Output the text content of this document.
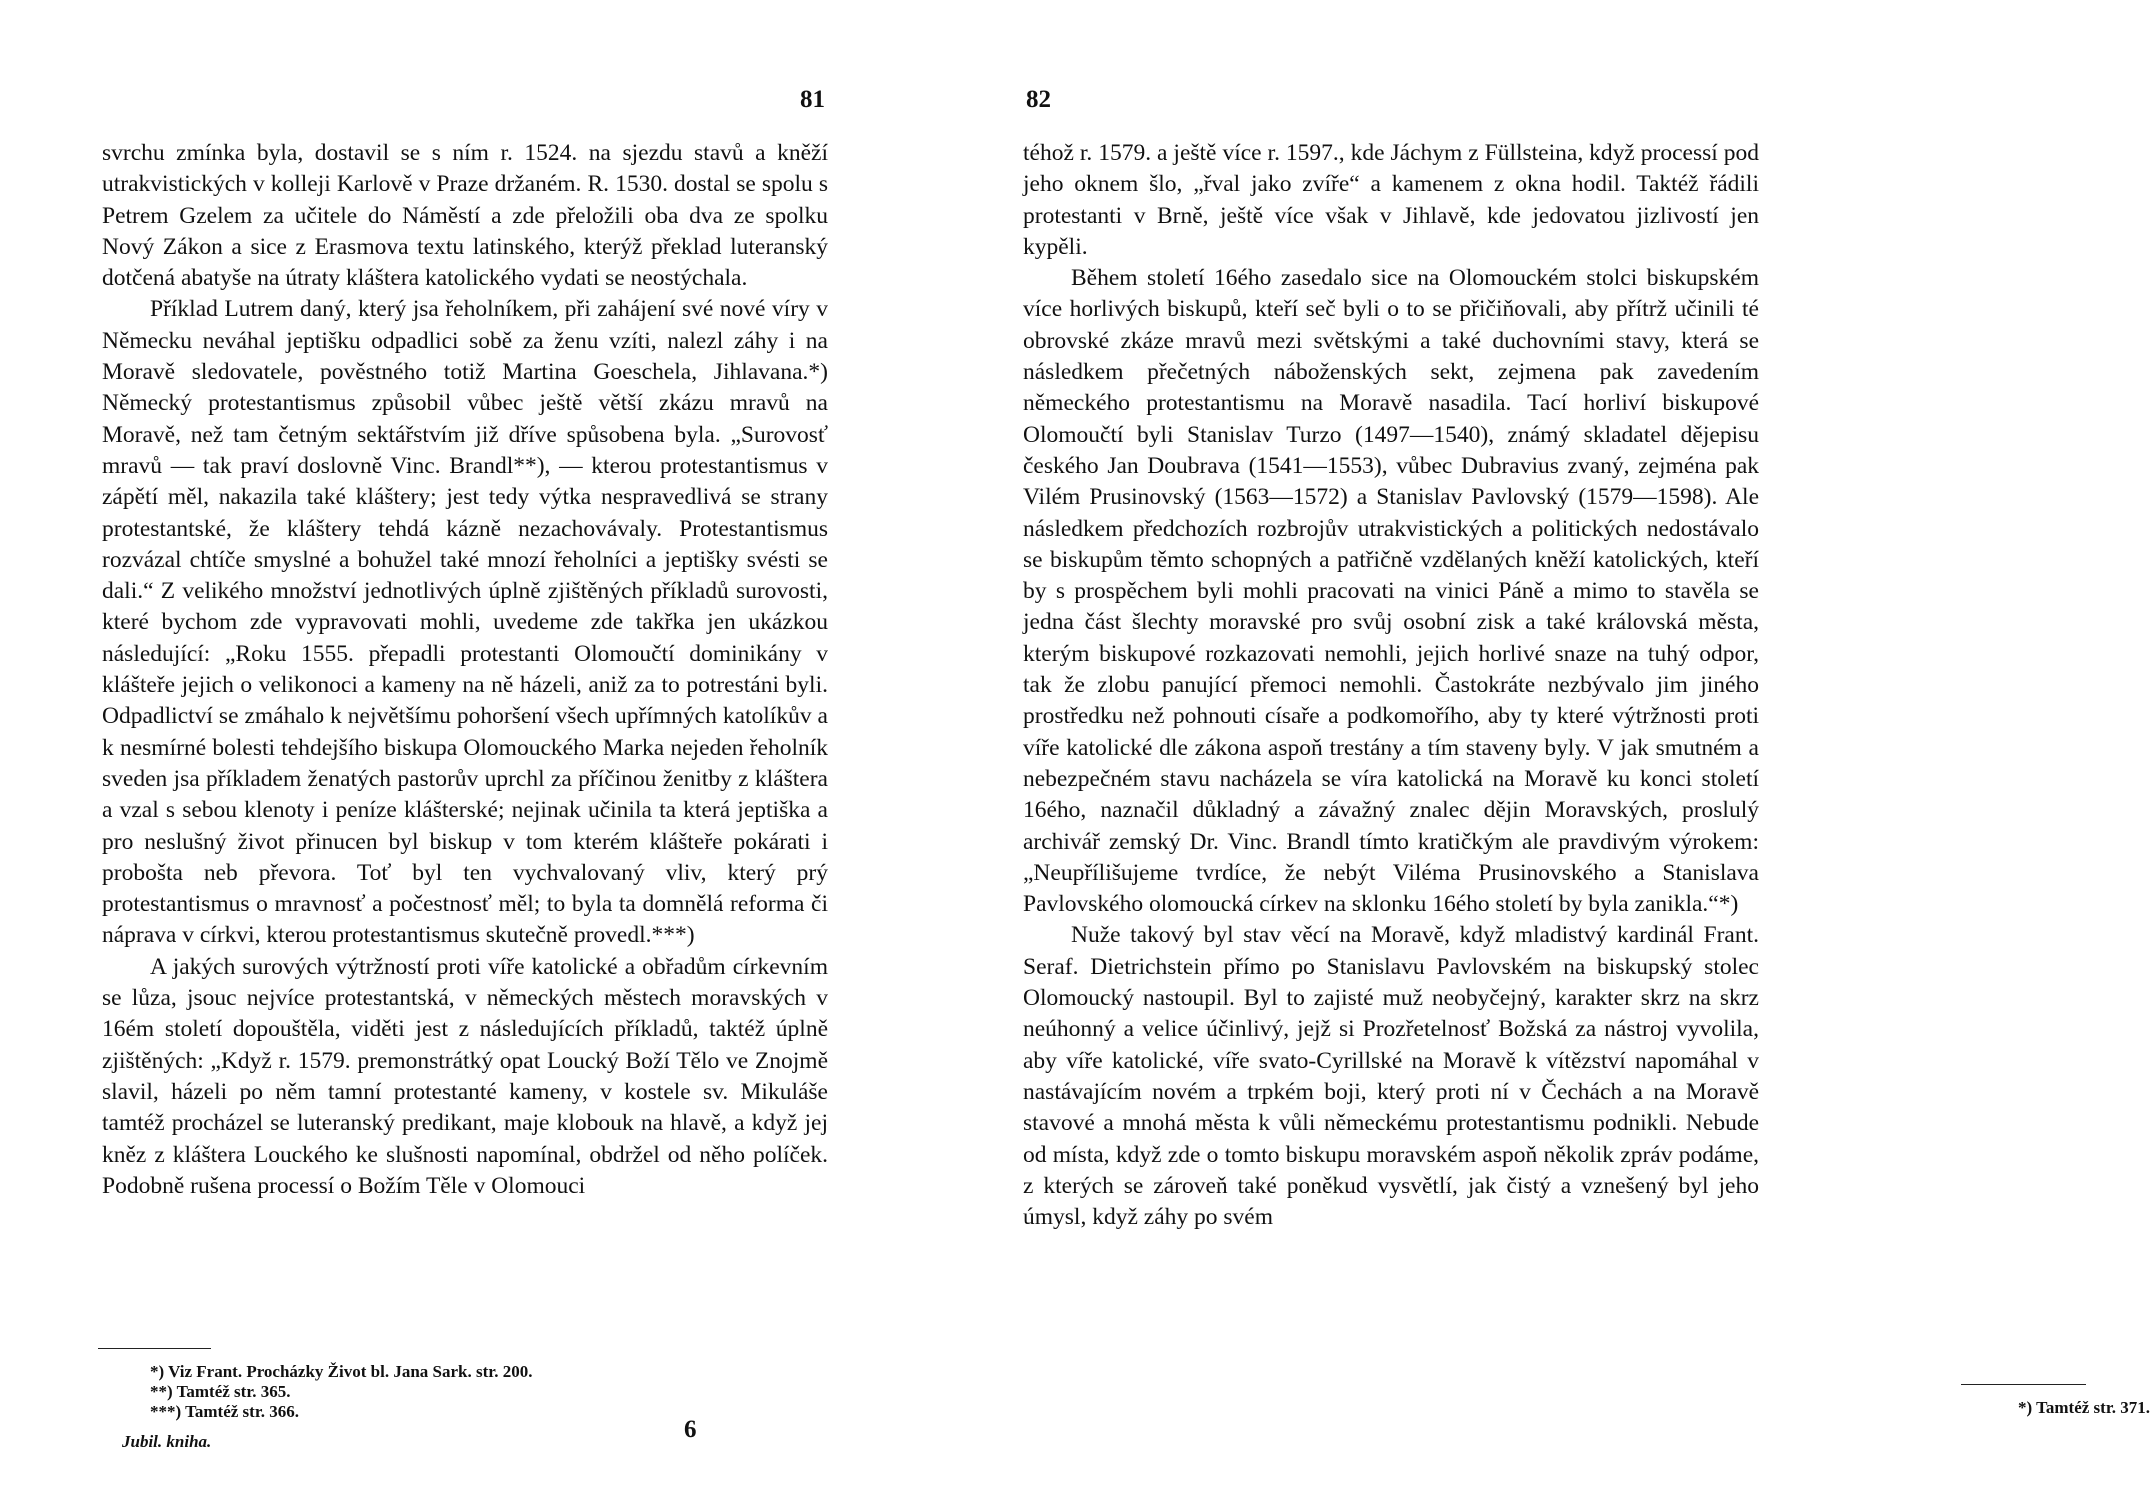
81

svrchu zmínka byla, dostavil se s ním r. 1524. na sjezdu stavů a kněží utrakvistických v kolleji Karlově v Praze držaném. R. 1530. dostal se spolu s Petrem Gzelem za učitele do Náměstí a zde přeložili oba dva ze spolku Nový Zákon a sice z Erasmova textu latinského, kterýž překlad luteranský dotčená abatyše na útraty kláštera katolického vydati se neostýchala.

Příklad Lutrem daný, který jsa řeholníkem, při zahájení své nové víry v Německu neváhal jeptišku odpadlici sobě za ženu vzíti, nalezl záhy i na Moravě sledovatele, pověstného totiž Martina Goeschela, Jihlavana.*) Německý protestantismus způsobil vůbec ještě větší zkázu mravů na Moravě, než tam četným sektářstvím již dříve spůsobena byla. „Surovosť mravů — tak praví doslovně Vinc. Brandl**), — kterou protestantismus v zápětí měl, nakazila také kláštery; jest tedy výtka nespravedlivá se strany protestantské, že kláštery tehdá kázně nezachovávaly. Protestantismus rozvázal chtíče smyslné a bohužel také mnozí řeholníci a jeptišky svésti se dali.“ Z velikého množství jednotlivých úplně zjištěných příkladů surovosti, které bychom zde vypravovati mohli, uvedeme zde takřka jen ukázkou následující: „Roku 1555. přepadli protestanti Olomoučtí dominikány v klášteře jejich o velikonoci a kameny na ně házeli, aniž za to potrestáni byli. Odpadlictví se zmáhalo k největšímu pohoršení všech upřímných katolíkův a k nesmírné bolesti tehdejšího biskupa Olomouckého Marka nejeden řeholník sveden jsa příkladem ženatých pastorův uprchl za příčinou ženitby z kláštera a vzal s sebou klenoty i peníze klášterské; nejinak učinila ta která jeptiška a pro neslušný život přinucen byl biskup v tom kterém klášteře pokárati i probošta neb převora. Toť byl ten vychvalovaný vliv, který prý protestantismus o mravnosť a počestnosť měl; to byla ta domnělá reforma či náprava v církvi, kterou protestantismus skutečně provedl.***)

A jakých surových výtržností proti víře katolické a obřadům církevním se lůza, jsouc nejvíce protestantská, v německých městech moravských v 16ém století dopouštěla, viděti jest z následujících příkladů, taktéž úplně zjištěných: „Když r. 1579. premonstrátký opat Loucký Boží Tělo ve Znojmě slavil, házeli po něm tamní protestanté kameny, v kostele sv. Mikuláše tamtéž procházel se luteranský predikant, maje klobouk na hlavě, a když jej kněz z kláštera Louckého ke slušnosti napomínal, obdržel od něho políček. Podobně rušena processí o Božím Těle v Olomouci

*) Viz Frant. Procházky Život bl. Jana Sark. str. 200.
**) Tamtéž str. 365.
***) Tamtéž str. 366.
Jubil. kniha.	6
82

téhož r. 1579. a ještě více r. 1597., kde Jáchym z Füllsteina, když processí pod jeho oknem šlo, „řval jako zvíře“ a kamenem z okna hodil. Taktéž řádili protestanti v Brně, ještě více však v Jihlavě, kde jedovatou jizlivostí jen kypěli.

Během století 16ého zasedalo sice na Olomouckém stolci biskupském více horlivých biskupů, kteří seč byli o to se přičiňovali, aby přítrž učinili té obrovské zkáze mravů mezi světskými a také duchovními stavy, která se následkem přečetných náboženských sekt, zejmena pak zavedením německého protestantismu na Moravě nasadila. Tací horliví biskupové Olomoučtí byli Stanislav Turzo (1497—1540), známý skladatel dějepisu českého Jan Doubrava (1541—1553), vůbec Dubravius zvaný, zejména pak Vilém Prusinovský (1563—1572) a Stanislav Pavlovský (1579—1598). Ale následkem předchozích rozbrojův utrakvistických a politických nedostávalo se biskupům těmto schopných a patřičně vzdělaných kněží katolických, kteří by s prospěchem byli mohli pracovati na vinici Páně a mimo to stavěla se jedna část šlechty moravské pro svůj osobní zisk a také královská města, kterým biskupové rozkazovati nemohli, jejich horlivé snaze na tuhý odpor, tak že zlobu panující přemoci nemohli. Častokráte nezbývalo jim jiného prostředku než pohnouti císaře a podkomořího, aby ty které výtržnosti proti víře katolické dle zákona aspoň trestány a tím staveny byly. V jak smutném a nebezpečném stavu nacházela se víra katolická na Moravě ku konci století 16ého, naznačil důkladný a závažný znalec dějin Moravských, proslulý archivář zemský Dr. Vinc. Brandl tímto kratičkým ale pravdivým výrokem: „Neupřílišujeme tvrdíce, že nebýt Viléma Prusinovského a Stanislava Pavlovského olomoucká církev na sklonku 16ého století by byla zanikla.“*)

Nuže takový byl stav věcí na Moravě, když mladistvý kardinál Frant. Seraf. Dietrichstein přímo po Stanislavu Pavlovském na biskupský stolec Olomoucký nastoupil. Byl to zajisté muž neobyčejný, karakter skrz na skrz neúhonný a velice účinlivý, jejž si Prozřetelnosť Božská za nástroj vyvolila, aby víře katolické, víře svato-Cyrillské na Moravě k vítězství napomáhal v nastávajícím novém a trpkém boji, který proti ní v Čechách a na Moravě stavové a mnohá města k vůli německému protestantismu podnikli. Nebude od místa, když zde o tomto biskupu moravském aspoň několik zpráv podáme, z kterých se zároveň také poněkud vysvětlí, jak čistý a vznešený byl jeho úmysl, když záhy po svém

*) Tamtéž str. 371.
